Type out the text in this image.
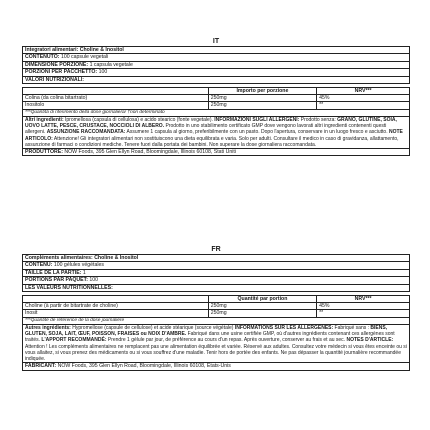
IT
Integratori alimentari: Choline & Inositol
CONTENUTO: 100 capsule vegetali
DIMENSIONE PORZIONE: 1 capsula vegetale
PORZIONI PER PACCHETTO: 100
VALORI NUTRIZIONALI:
	Importo per porzione	NRV***
Colina (da colina bitartrato)	250mg	45%
Inositolo	250mg	**
***Quantità di riferimento della dose giornaliera/ †non determinato
Altri ingredienti: Ipromellosa (capsula di cellulosa) e acido stearico (fonte vegetale). INFORMAZIONI SUGLI ALLERGENI: Prodotto senza: GRANO, GLUTINE, SOIA, UOVO LATTE, PESCE, CRUSTACE, NOCCIOLI DI ALBERO. Prodotto in uno stabilimento certificato GMP dove vengono lavorati altri ingredienti contenenti questi allergeni. ASSUNZIONE RACCOMANDATA: Assumere 1 capsula al giorno, preferibilmente con un pasto. Dopo l'apertura, conservare in un luogo fresco e asciutto. NOTE ARTICOLO: Attenzione! Gli integratori alimentari non sostituiscono una dieta equilibrata e varia. Solo per adulti. Consultare il medico in caso di gravidanza, allattamento, assunzione di farmaci o condizioni mediche. Tenere fuori dalla portata dei bambini. Non superare la dose giornaliera raccomandata.
PRODUTTORE: NOW Foods, 395 Glen Ellyn Road, Bloomingdale, Illinois 60108, Stati Uniti
FR
Compléments alimentaires: Choline & Inositol
CONTENU: 100 gélules végétales
TAILLE DE LA PARTIE: 1
PORTIONS PAR PAQUET: 100
LES VALEURS NUTRITIONNELLES:
	Quantité par portion	NRV***
Choline (à partir de bitartrate de choline)	250mg	45%
Inosit	250mg	**
***Quantité de référence de la dose journalière
Autres ingrédients: Hypromellose (capsule de cellulose) et acide stéarique (source végétale) INFORMATIONS SUR LES ALLERGÈNES: Fabriqué sans : BIENS, GLUTEN, SOJA, LAIT, ŒUF, POISSON, FRAISES ou NOIX D'AMBRE. Fabriqué dans une usine certifiée GMP, où d'autres ingrédients contenant ces allergènes sont traités. L'APPORT RECOMMANDÉ: Prendre 1 gélule par jour, de préférence au cours d'un repas. Après ouverture, conserver au frais et au sec. NOTES D'ARTICLE: Attention ! Les compléments alimentaires ne remplacent pas une alimentation équilibrée et variée. Réservé aux adultes. Consultez votre médecin si vous êtes enceinte ou si vous allaitez, si vous prenez des médicaments ou si vous souffrez d'une maladie. Tenir hors de portée des enfants. Ne pas dépasser la quantité journalière recommandée indiquée.
FABRICANT: NOW Foods, 395 Glen Ellyn Road, Bloomingdale, Illinois 60108, Etats-Unis
